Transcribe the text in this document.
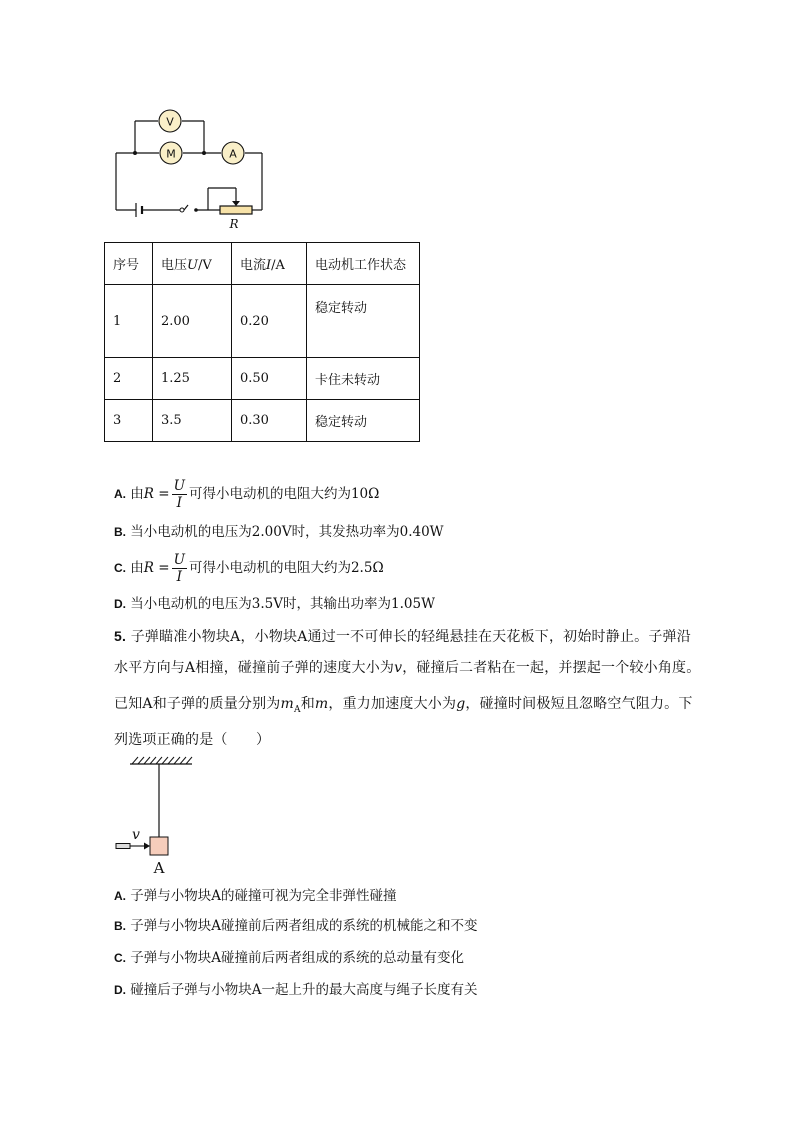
V
M	A
R
序号	电压U/V	电流I/A	电动机工作状态
1	2.00	0.20	稳定转动
2	1.25	0.50	卡住未转动
3	3.5	0.30	稳定转动
A. 由$R = \frac{U}{I}$ 可得小电动机的电阻大约为10Ω
B. 当小电动机的电压为2.00V时，其发热功率为0.40W
C. 由$R = \frac{U}{I}$ 可得小电动机的电阻大约为2.5Ω
D. 当小电动机的电压为3.5V时，其输出功率为1.05W
5. 子弹瞄准小物块A，小物块A通过一不可伸长的轻绳悬挂在天花板下，初始时静止。子弹沿
水平方向与A相撞，碰撞前子弹的速度大小为v，碰撞后二者粘在一起，并摆起一个较小角度。
已知A和子弹的质量分别为$m_A$和m，重力加速度大小为g，碰撞时间极短且忽略空气阻力。下
列选项正确的是（　　）
v
A
A. 子弹与小物块A的碰撞可视为完全非弹性碰撞
B. 子弹与小物块A碰撞前后两者组成的系统的机械能之和不变
C. 子弹与小物块A碰撞前后两者组成的系统的总动量有变化
D. 碰撞后子弹与小物块A一起上升的最大高度与绳子长度有关
